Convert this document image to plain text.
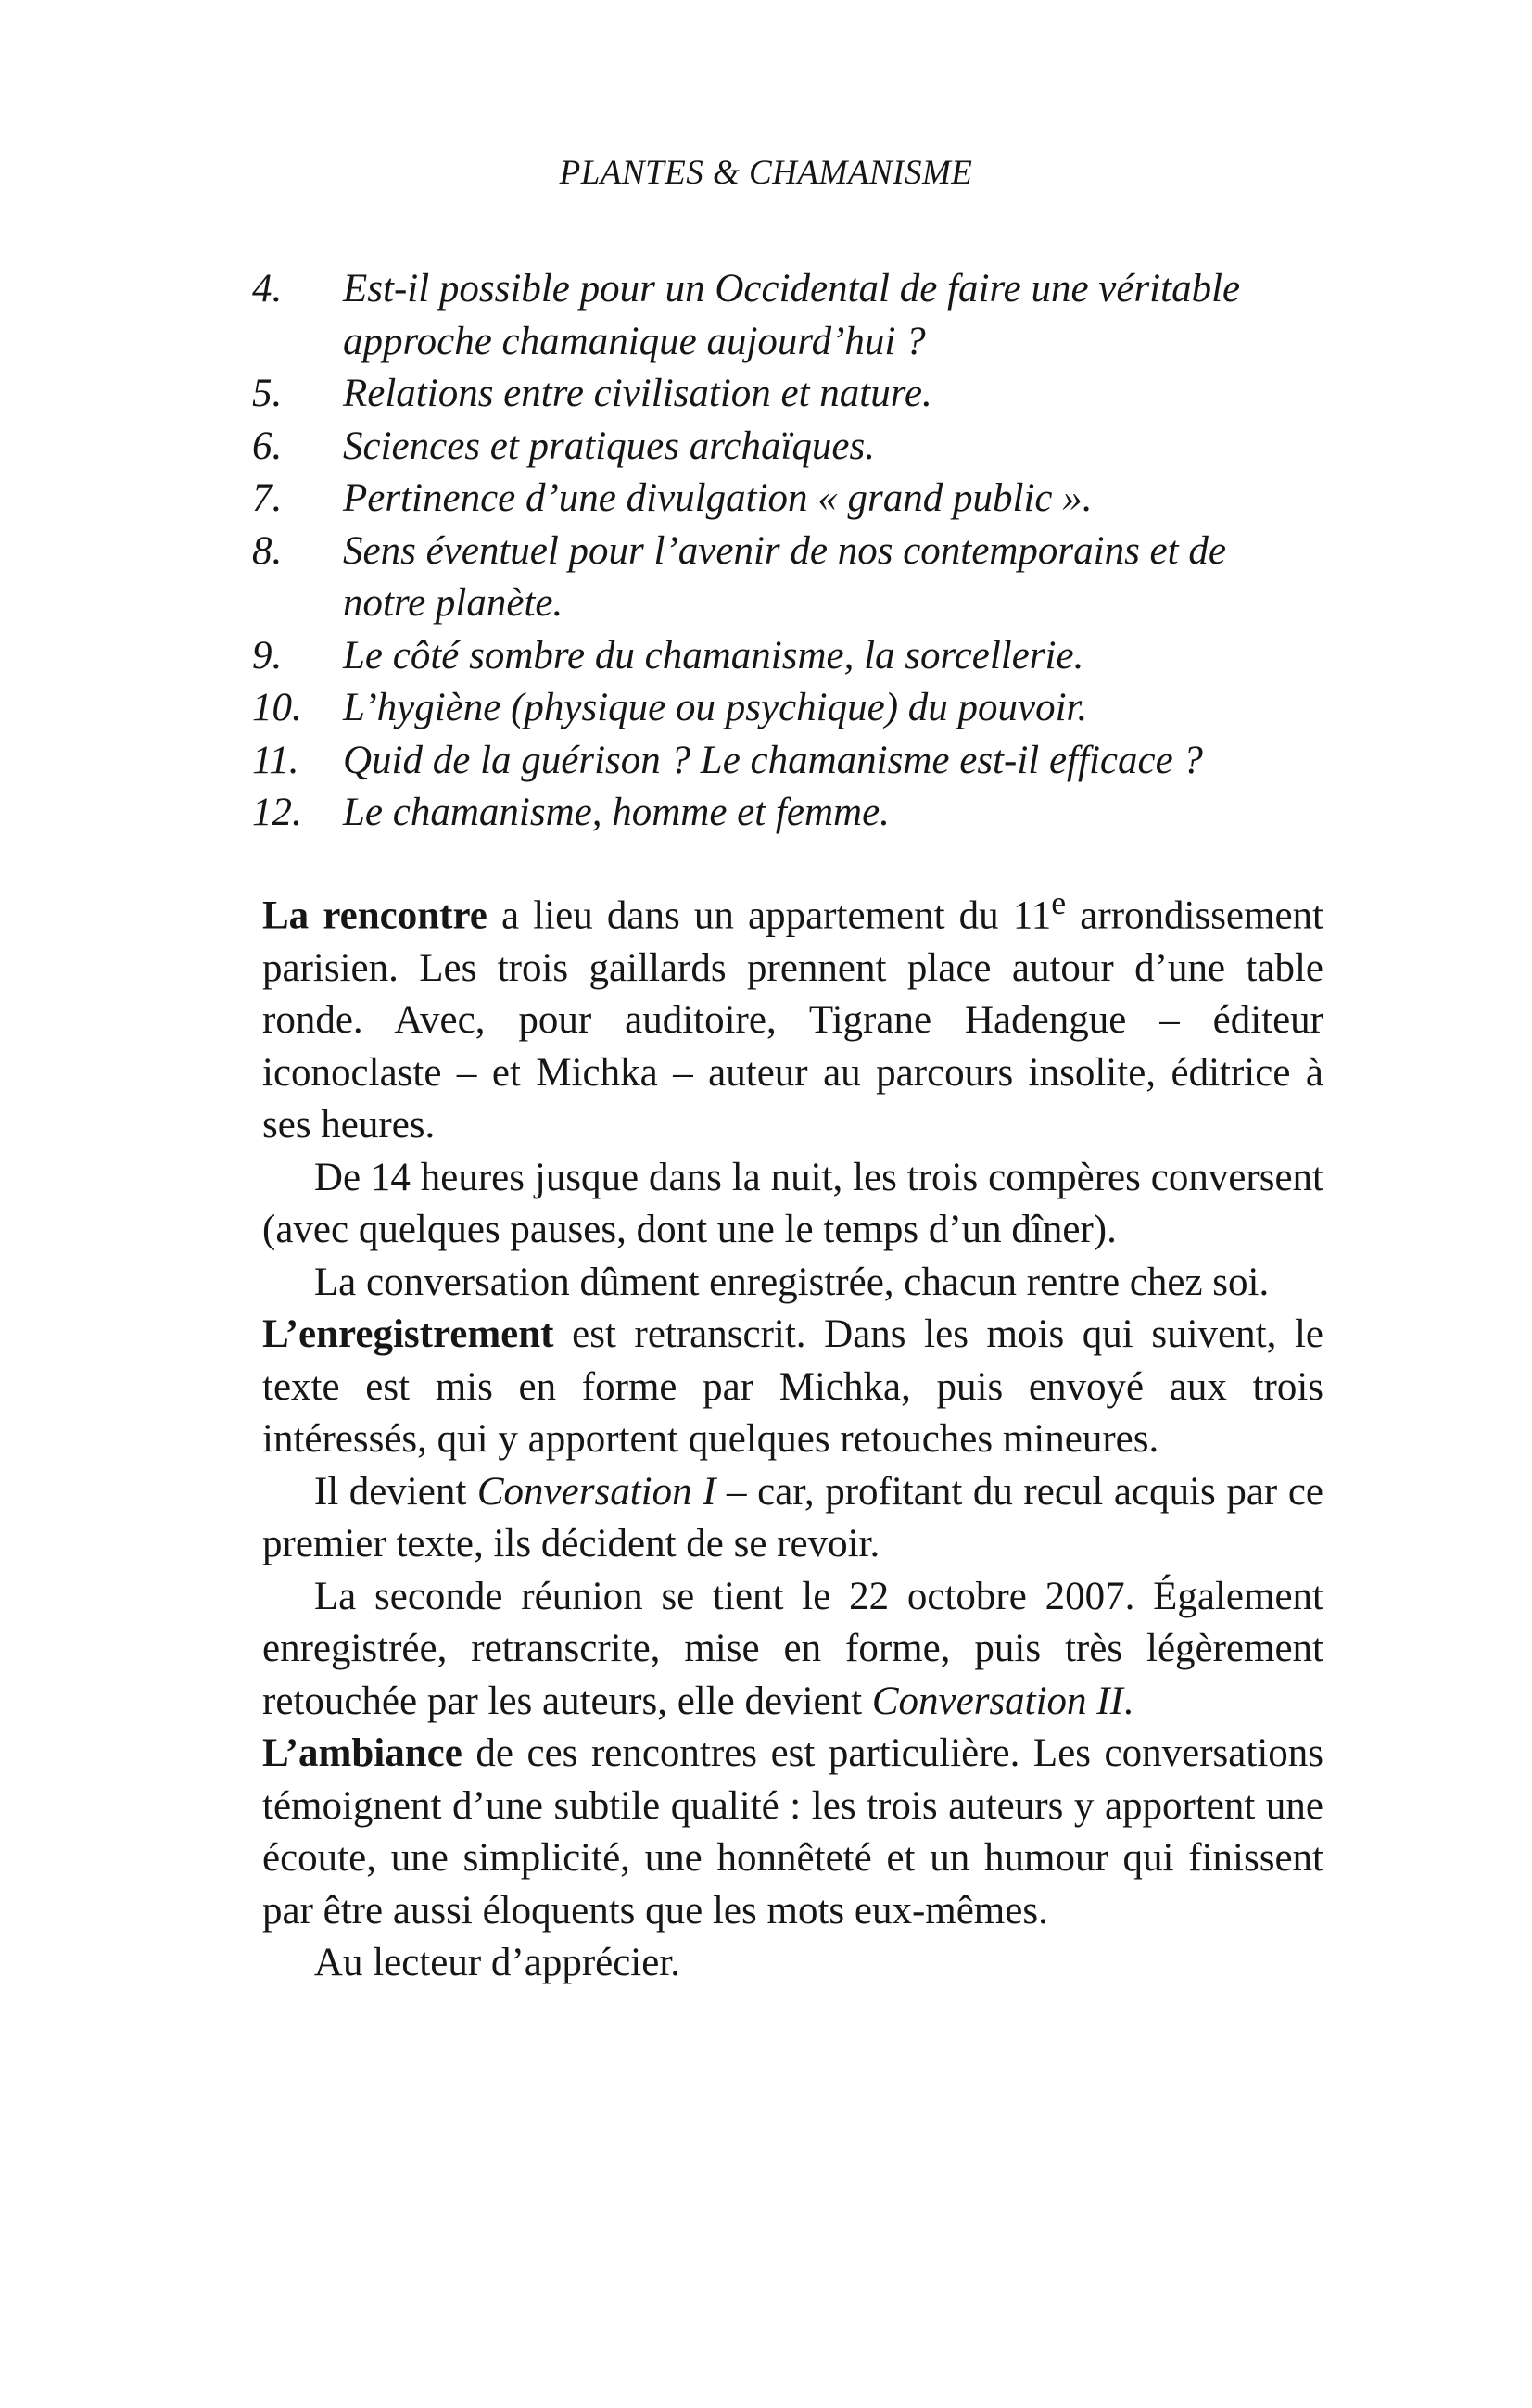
PLANTES & CHAMANISME
4.	Est-il possible pour un Occidental de faire une véritable approche chamanique aujourd’hui ?
5.	Relations entre civilisation et nature.
6.	Sciences et pratiques archaïques.
7.	Pertinence d’une divulgation « grand public ».
8.	Sens éventuel pour l’avenir de nos contemporains et de notre planète.
9.	Le côté sombre du chamanisme, la sorcellerie.
10.	L’hygiène (physique ou psychique) du pouvoir.
11.	Quid de la guérison ? Le chamanisme est-il efficace ?
12.	Le chamanisme, homme et femme.

La rencontre a lieu dans un appartement du 11e arrondissement parisien. Les trois gaillards prennent place autour d’une table ronde. Avec, pour auditoire, Tigrane Hadengue – éditeur iconoclaste – et Michka – auteur au parcours insolite, éditrice à ses heures.

De 14 heures jusque dans la nuit, les trois compères conversent (avec quelques pauses, dont une le temps d’un dîner).

La conversation dûment enregistrée, chacun rentre chez soi.

L’enregistrement est retranscrit. Dans les mois qui suivent, le texte est mis en forme par Michka, puis envoyé aux trois intéressés, qui y apportent quelques retouches mineures.

Il devient Conversation I – car, profitant du recul acquis par ce premier texte, ils décident de se revoir.

La seconde réunion se tient le 22 octobre 2007. Également enregistrée, retranscrite, mise en forme, puis très légèrement retouchée par les auteurs, elle devient Conversation II.

L’ambiance de ces rencontres est particulière. Les conversations témoignent d’une subtile qualité : les trois auteurs y apportent une écoute, une simplicité, une honnêteté et un humour qui finissent par être aussi éloquents que les mots eux-mêmes.

Au lecteur d’apprécier.
